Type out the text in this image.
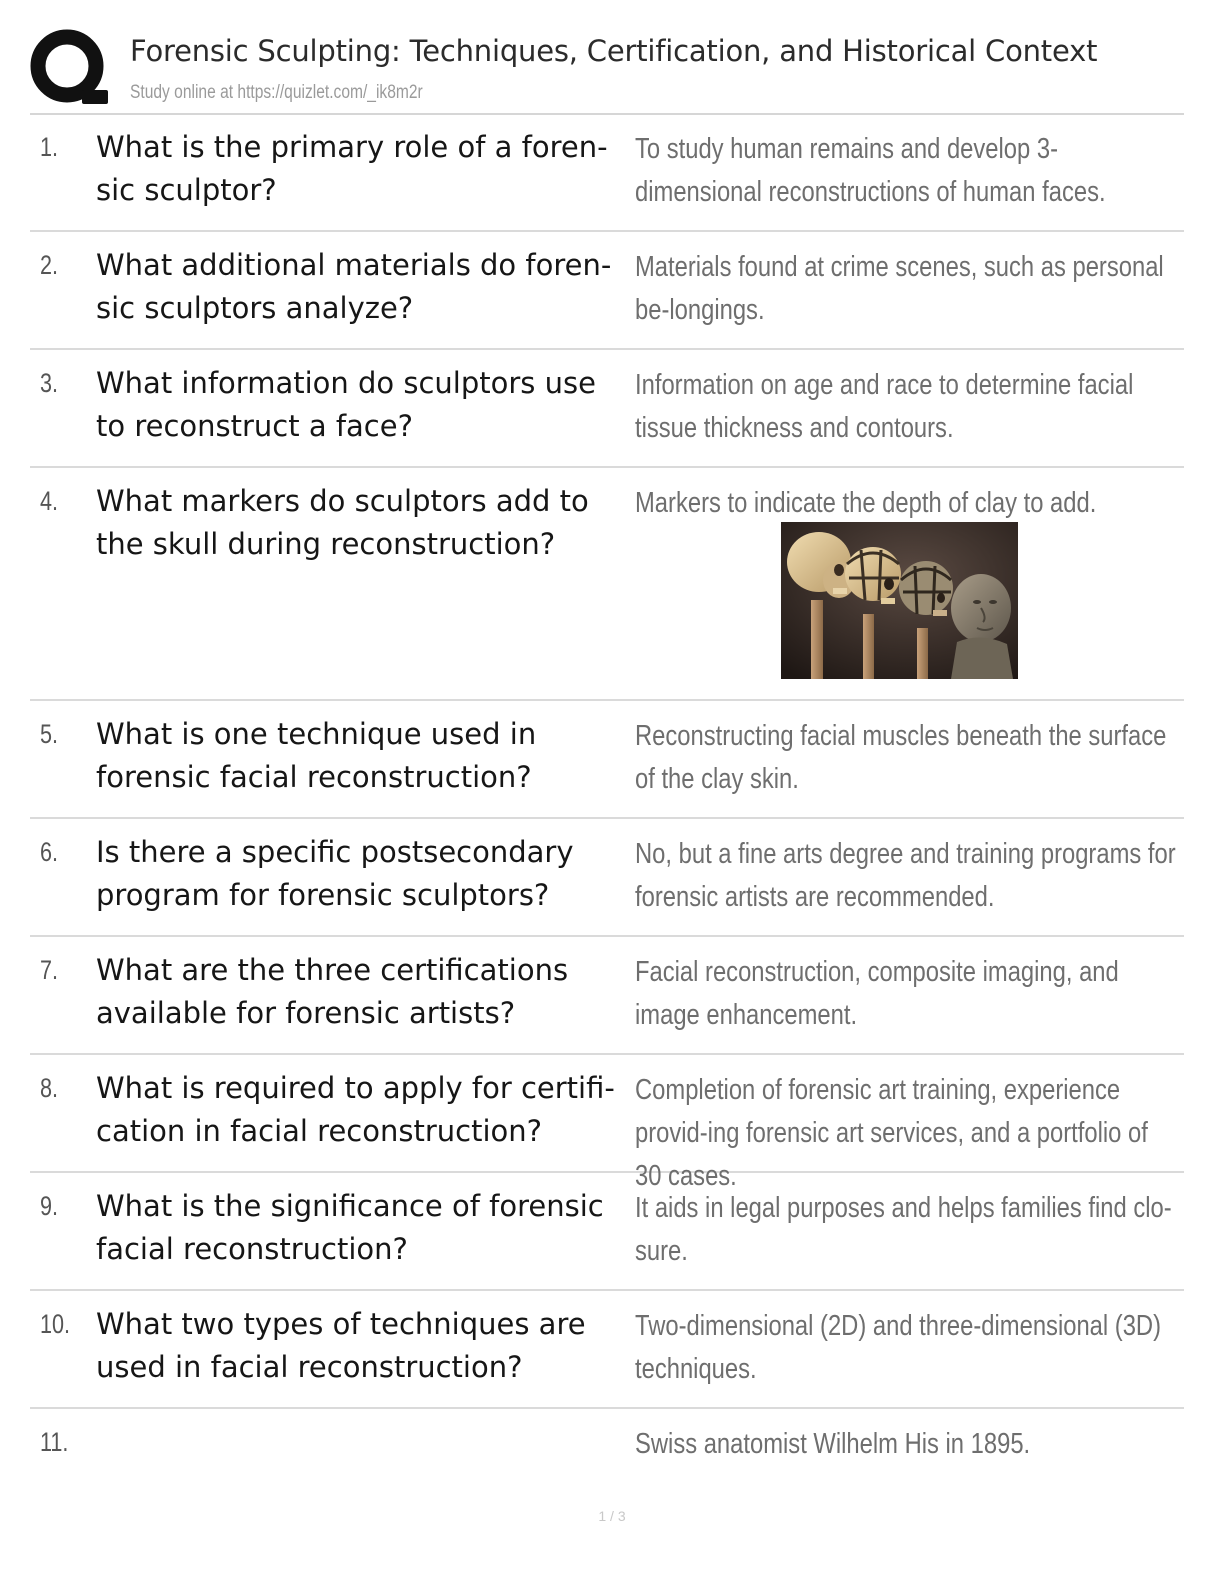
Forensic Sculpting: Techniques, Certification, and Historical Context
Study online at https://quizlet.com/_ik8m2r
1. What is the primary role of a foren-sic sculptor?
To study human remains and develop 3-dimensional reconstructions of human faces.
2. What additional materials do foren-sic sculptors analyze?
Materials found at crime scenes, such as personal be-longings.
3. What information do sculptors use to reconstruct a face?
Information on age and race to determine facial tissue thickness and contours.
4. What markers do sculptors add to the skull during reconstruction?
Markers to indicate the depth of clay to add.
5. What is one technique used in forensic facial reconstruction?
Reconstructing facial muscles beneath the surface of the clay skin.
6. Is there a specific postsecondary program for forensic sculptors?
No, but a fine arts degree and training programs for forensic artists are recommended.
7. What are the three certifications available for forensic artists?
Facial reconstruction, composite imaging, and image enhancement.
8. What is required to apply for certifi-cation in facial reconstruction?
Completion of forensic art training, experience provid-ing forensic art services, and a portfolio of 30 cases.
9. What is the significance of forensic facial reconstruction?
It aids in legal purposes and helps families find clo-sure.
10. What two types of techniques are used in facial reconstruction?
Two-dimensional (2D) and three-dimensional (3D) techniques.
11.	Swiss anatomist Wilhelm His in 1895.
1 / 3
